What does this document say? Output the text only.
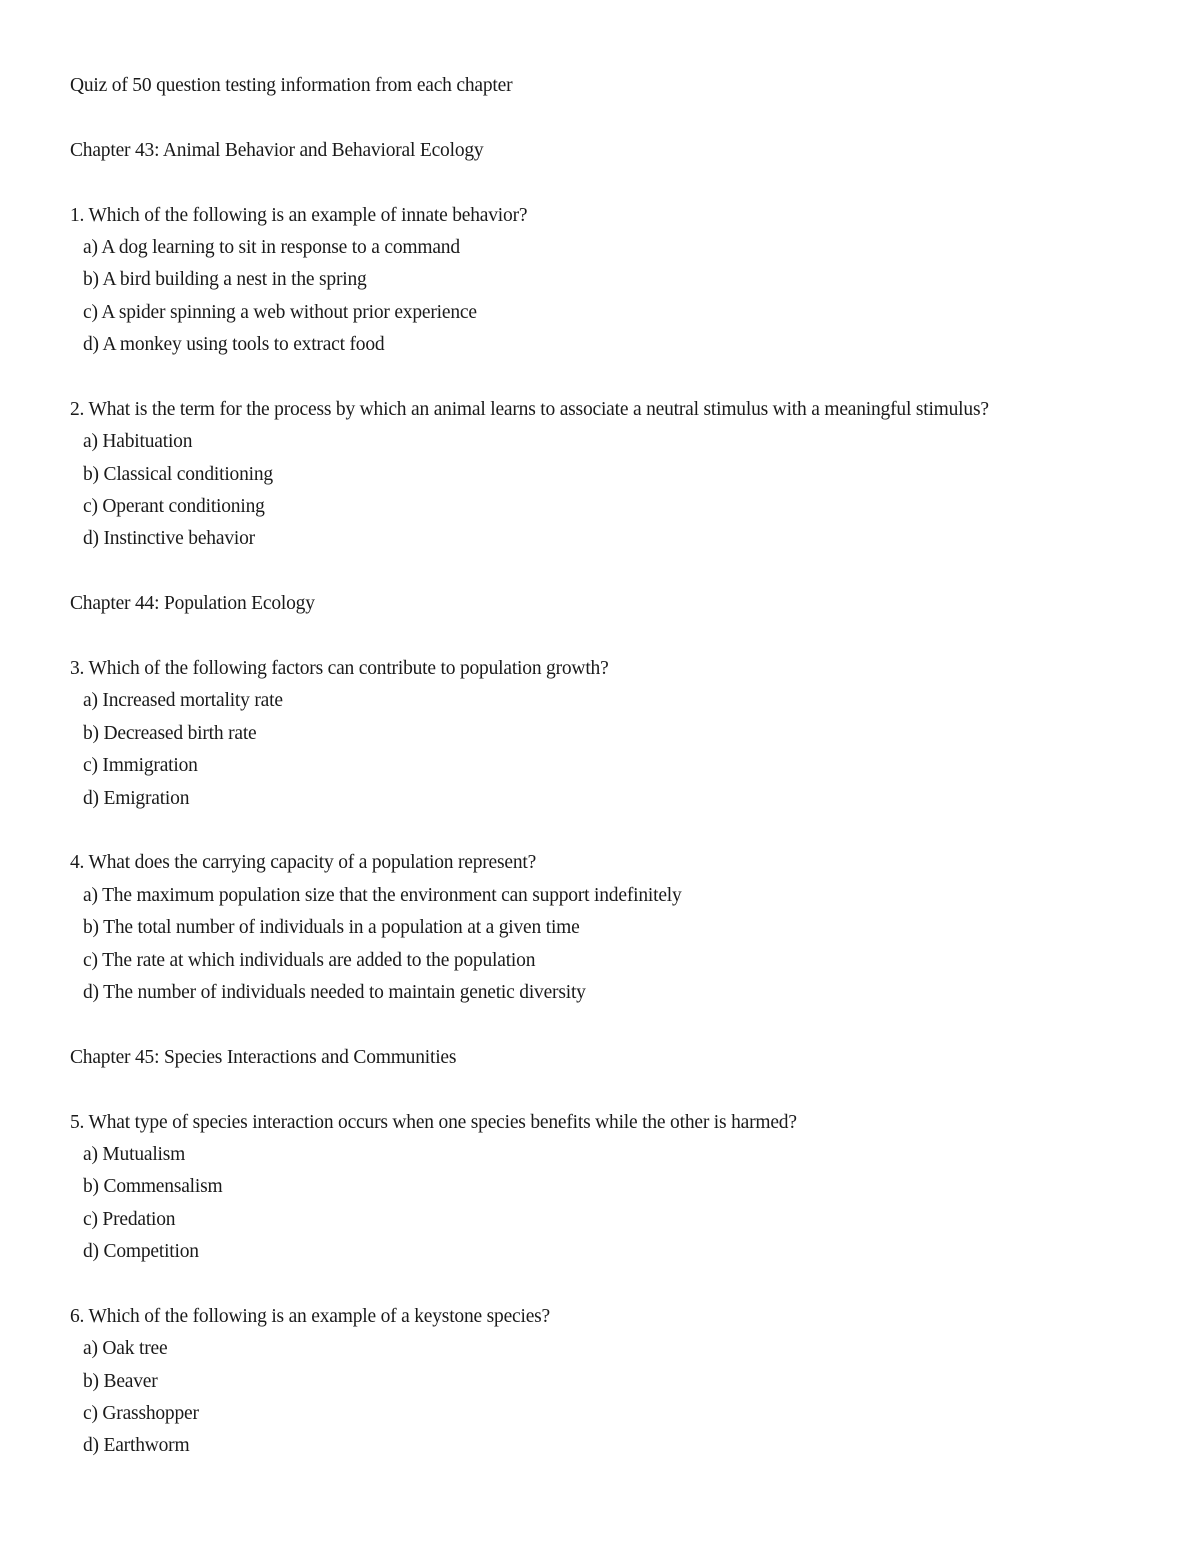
Quiz of 50 question testing information from each chapter
Chapter 43: Animal Behavior and Behavioral Ecology
1. Which of the following is an example of innate behavior?
a) A dog learning to sit in response to a command
b) A bird building a nest in the spring
c) A spider spinning a web without prior experience
d) A monkey using tools to extract food
2. What is the term for the process by which an animal learns to associate a neutral stimulus with a meaningful stimulus?
a) Habituation
b) Classical conditioning
c) Operant conditioning
d) Instinctive behavior
Chapter 44: Population Ecology
3. Which of the following factors can contribute to population growth?
a) Increased mortality rate
b) Decreased birth rate
c) Immigration
d) Emigration
4. What does the carrying capacity of a population represent?
a) The maximum population size that the environment can support indefinitely
b) The total number of individuals in a population at a given time
c) The rate at which individuals are added to the population
d) The number of individuals needed to maintain genetic diversity
Chapter 45: Species Interactions and Communities
5. What type of species interaction occurs when one species benefits while the other is harmed?
a) Mutualism
b) Commensalism
c) Predation
d) Competition
6. Which of the following is an example of a keystone species?
a) Oak tree
b) Beaver
c) Grasshopper
d) Earthworm
